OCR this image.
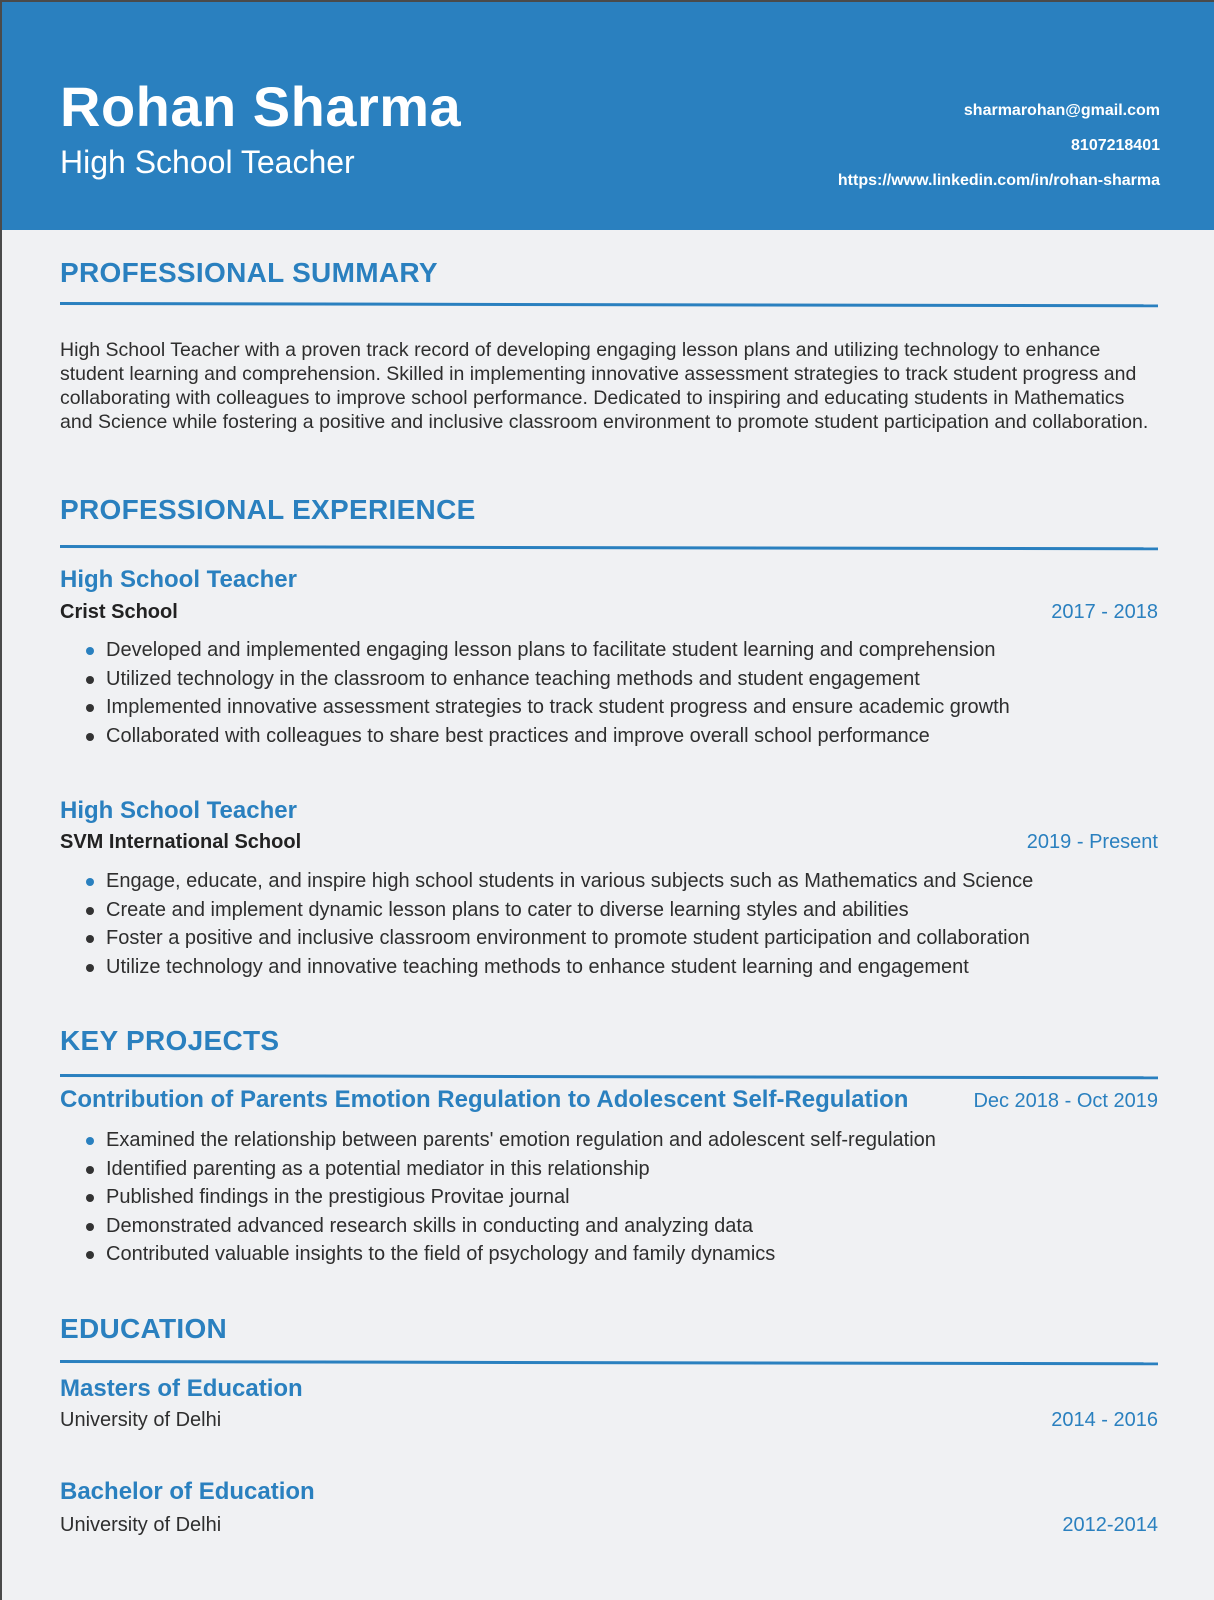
Rohan Sharma
High School Teacher
sharmarohan@gmail.com
8107218401
https://www.linkedin.com/in/rohan-sharma
PROFESSIONAL SUMMARY
High School Teacher with a proven track record of developing engaging lesson plans and utilizing technology to enhance student learning and comprehension. Skilled in implementing innovative assessment strategies to track student progress and collaborating with colleagues to improve school performance. Dedicated to inspiring and educating students in Mathematics and Science while fostering a positive and inclusive classroom environment to promote student participation and collaboration.
PROFESSIONAL EXPERIENCE
High School Teacher
Crist School	2017 - 2018
Developed and implemented engaging lesson plans to facilitate student learning and comprehension
Utilized technology in the classroom to enhance teaching methods and student engagement
Implemented innovative assessment strategies to track student progress and ensure academic growth
Collaborated with colleagues to share best practices and improve overall school performance
High School Teacher
SVM International School	2019 - Present
Engage, educate, and inspire high school students in various subjects such as Mathematics and Science
Create and implement dynamic lesson plans to cater to diverse learning styles and abilities
Foster a positive and inclusive classroom environment to promote student participation and collaboration
Utilize technology and innovative teaching methods to enhance student learning and engagement
KEY PROJECTS
Contribution of Parents Emotion Regulation to Adolescent Self-Regulation	Dec 2018 - Oct 2019
Examined the relationship between parents' emotion regulation and adolescent self-regulation
Identified parenting as a potential mediator in this relationship
Published findings in the prestigious Provitae journal
Demonstrated advanced research skills in conducting and analyzing data
Contributed valuable insights to the field of psychology and family dynamics
EDUCATION
Masters of Education
University of Delhi	2014 - 2016
Bachelor of Education
University of Delhi	2012-2014
